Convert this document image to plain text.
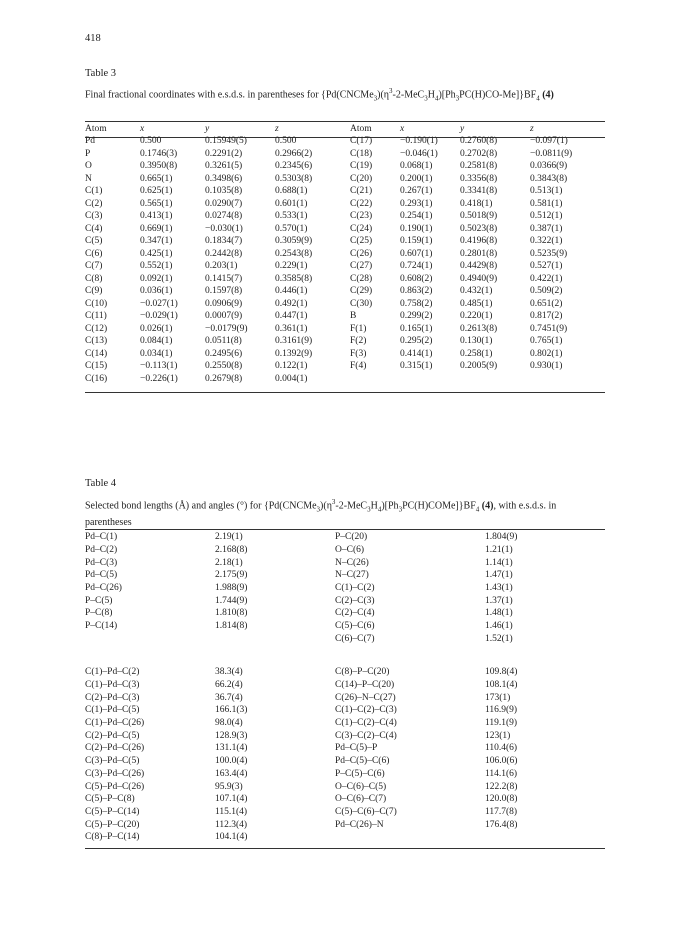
418
Table 3
Final fractional coordinates with e.s.d.s. in parentheses for $\{Pd(CNCMe_3)(\eta^3-2-MeC_3H_4)[Ph_3PC(H)CO-Me]\}BF_4$ (4)
Atom	x	y	z	Atom	x	y	z
Pd	0.500	0.15949(5)	0.500	C(17)	−0.190(1)	0.2760(8)	−0.097(1)
P	0.1746(3)	0.2291(2)	0.2966(2)	C(18)	−0.046(1)	0.2702(8)	−0.0811(9)
O	0.3950(8)	0.3261(5)	0.2345(6)	C(19)	0.068(1)	0.2581(8)	0.0366(9)
N	0.665(1)	0.3498(6)	0.5303(8)	C(20)	0.200(1)	0.3356(8)	0.3843(8)
C(1)	0.625(1)	0.1035(8)	0.688(1)	C(21)	0.267(1)	0.3341(8)	0.513(1)
C(2)	0.565(1)	0.0290(7)	0.601(1)	C(22)	0.293(1)	0.418(1)	0.581(1)
C(3)	0.413(1)	0.0274(8)	0.533(1)	C(23)	0.254(1)	0.5018(9)	0.512(1)
C(4)	0.669(1)	−0.030(1)	0.570(1)	C(24)	0.190(1)	0.5023(8)	0.387(1)
C(5)	0.347(1)	0.1834(7)	0.3059(9)	C(25)	0.159(1)	0.4196(8)	0.322(1)
C(6)	0.425(1)	0.2442(8)	0.2543(8)	C(26)	0.607(1)	0.2801(8)	0.5235(9)
C(7)	0.552(1)	0.203(1)	0.229(1)	C(27)	0.724(1)	0.4429(8)	0.527(1)
C(8)	0.092(1)	0.1415(7)	0.3585(8)	C(28)	0.608(2)	0.4940(9)	0.422(1)
C(9)	0.036(1)	0.1597(8)	0.446(1)	C(29)	0.863(2)	0.432(1)	0.509(2)
C(10)	−0.027(1)	0.0906(9)	0.492(1)	C(30)	0.758(2)	0.485(1)	0.651(2)
C(11)	−0.029(1)	0.0007(9)	0.447(1)	B	0.299(2)	0.220(1)	0.817(2)
C(12)	0.026(1)	−0.0179(9)	0.361(1)	F(1)	0.165(1)	0.2613(8)	0.7451(9)
C(13)	0.084(1)	0.0511(8)	0.3161(9)	F(2)	0.295(2)	0.130(1)	0.765(1)
C(14)	0.034(1)	0.2495(6)	0.1392(9)	F(3)	0.414(1)	0.258(1)	0.802(1)
C(15)	−0.113(1)	0.2550(8)	0.122(1)	F(4)	0.315(1)	0.2005(9)	0.930(1)
C(16)	−0.226(1)	0.2679(8)	0.004(1)				
Table 4
Selected bond lengths (Å) and angles (°) for $\{Pd(CNCMe_3)(\eta^3-2-MeC_3H_4)[Ph_3PC(H)COMe]\}BF_4$ (4), with e.s.d.s. in parentheses
Pd–C(1)	2.19(1)	P–C(20)	1.804(9)
Pd–C(2)	2.168(8)	O–C(6)	1.21(1)
Pd–C(3)	2.18(1)	N–C(26)	1.14(1)
Pd–C(5)	2.175(9)	N–C(27)	1.47(1)
Pd–C(26)	1.988(9)	C(1)–C(2)	1.43(1)
P–C(5)	1.744(9)	C(2)–C(3)	1.37(1)
P–C(8)	1.810(8)	C(2)–C(4)	1.48(1)
P–C(14)	1.814(8)	C(5)–C(6)	1.46(1)
		C(6)–C(7)	1.52(1)
C(1)–Pd–C(2)	38.3(4)	C(8)–P–C(20)	109.8(4)
C(1)–Pd–C(3)	66.2(4)	C(14)–P–C(20)	108.1(4)
C(2)–Pd–C(3)	36.7(4)	C(26)–N–C(27)	173(1)
C(1)–Pd–C(5)	166.1(3)	C(1)–C(2)–C(3)	116.9(9)
C(1)–Pd–C(26)	98.0(4)	C(1)–C(2)–C(4)	119.1(9)
C(2)–Pd–C(5)	128.9(3)	C(3)–C(2)–C(4)	123(1)
C(2)–Pd–C(26)	131.1(4)	Pd–C(5)–P	110.4(6)
C(3)–Pd–C(5)	100.0(4)	Pd–C(5)–C(6)	106.0(6)
C(3)–Pd–C(26)	163.4(4)	P–C(5)–C(6)	114.1(6)
C(5)–Pd–C(26)	95.9(3)	O–C(6)–C(5)	122.2(8)
C(5)–P–C(8)	107.1(4)	O–C(6)–C(7)	120.0(8)
C(5)–P–C(14)	115.1(4)	C(5)–C(6)–C(7)	117.7(8)
C(5)–P–C(20)	112.3(4)	Pd–C(26)–N	176.4(8)
C(8)–P–C(14)	104.1(4)		
